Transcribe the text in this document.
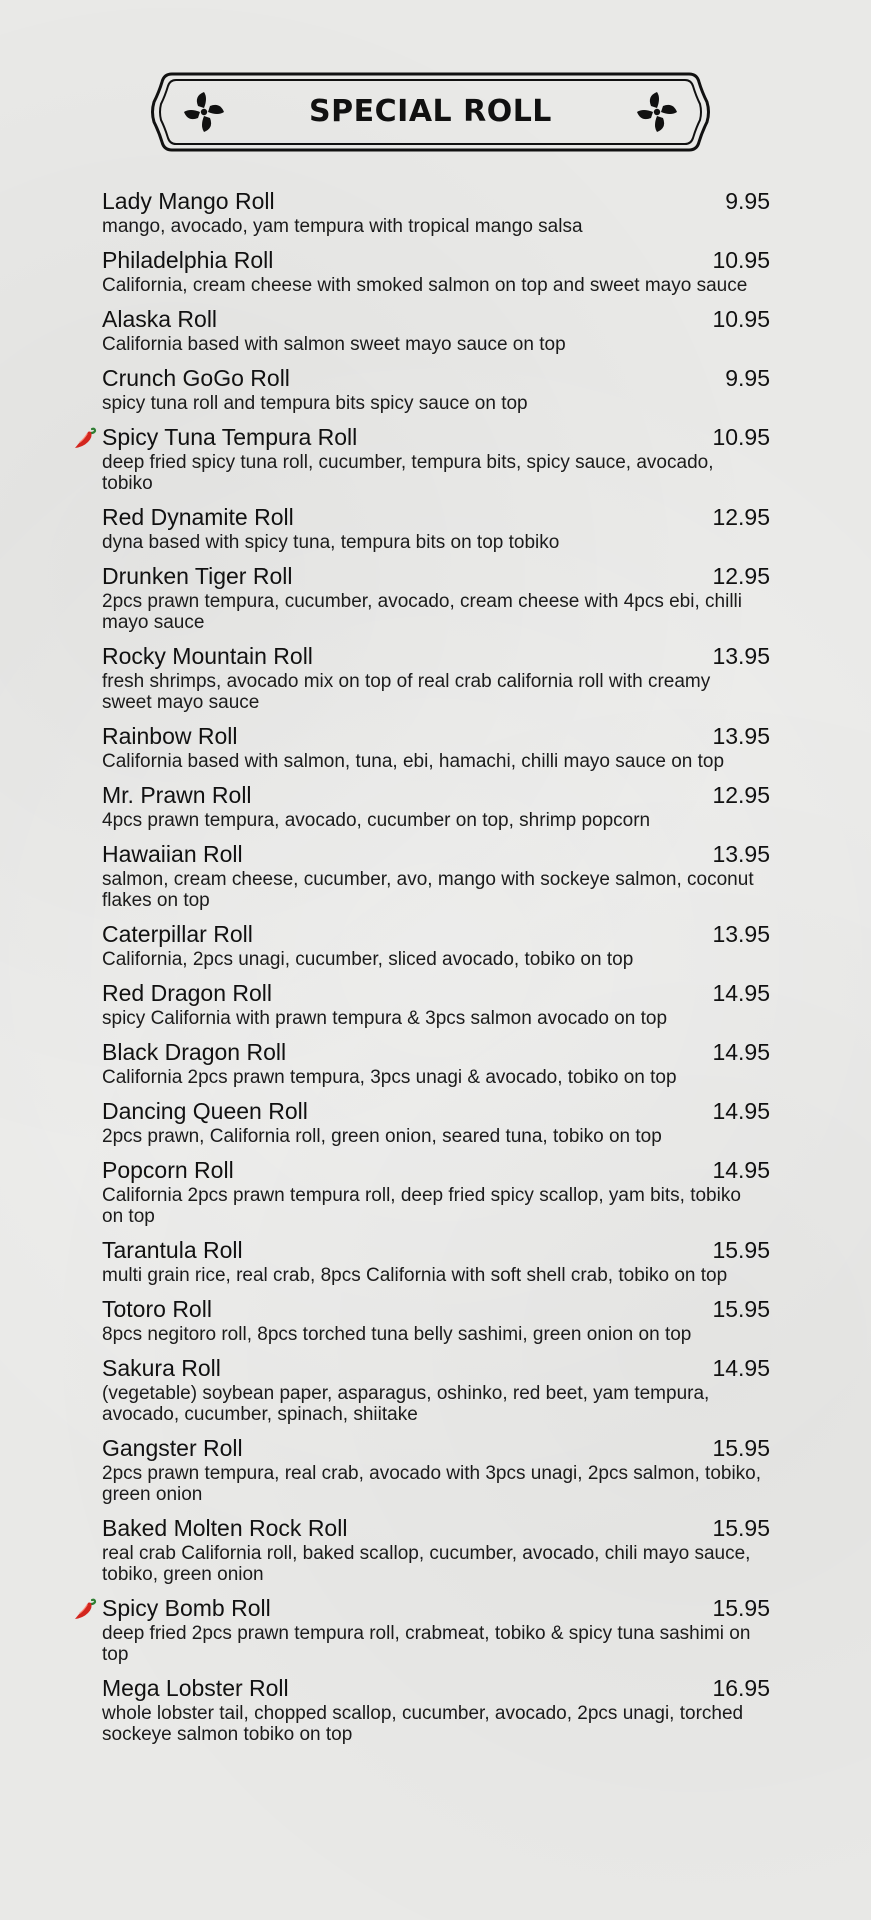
SPECIAL ROLL
Lady Mango Roll	9.95
mango, avocado, yam tempura with tropical mango salsa
Philadelphia Roll	10.95
California, cream cheese with smoked salmon on top and sweet mayo sauce
Alaska Roll	10.95
California based with salmon sweet mayo sauce on top
Crunch GoGo Roll	9.95
spicy tuna roll and tempura bits spicy sauce on top
Spicy Tuna Tempura Roll	10.95
deep fried spicy tuna roll, cucumber, tempura bits, spicy sauce, avocado, tobiko
Red Dynamite Roll	12.95
dyna based with spicy tuna, tempura bits on top tobiko
Drunken Tiger Roll	12.95
2pcs prawn tempura, cucumber, avocado, cream cheese with 4pcs ebi, chilli mayo sauce
Rocky Mountain Roll	13.95
fresh shrimps, avocado mix on top of real crab california roll with creamy sweet mayo sauce
Rainbow Roll	13.95
California based with salmon, tuna, ebi, hamachi, chilli mayo sauce on top
Mr. Prawn Roll	12.95
4pcs prawn tempura, avocado, cucumber on top, shrimp popcorn
Hawaiian Roll	13.95
salmon, cream cheese, cucumber, avo, mango with sockeye salmon, coconut flakes on top
Caterpillar Roll	13.95
California, 2pcs unagi, cucumber, sliced avocado, tobiko on top
Red Dragon Roll	14.95
spicy California with prawn tempura & 3pcs salmon avocado on top
Black Dragon Roll	14.95
California 2pcs prawn tempura, 3pcs unagi & avocado, tobiko on top
Dancing Queen Roll	14.95
2pcs prawn, California roll, green onion, seared tuna, tobiko on top
Popcorn Roll	14.95
California 2pcs prawn tempura roll, deep fried spicy scallop, yam bits, tobiko on top
Tarantula Roll	15.95
multi grain rice, real crab, 8pcs California with soft shell crab, tobiko on top
Totoro Roll	15.95
8pcs negitoro roll, 8pcs torched tuna belly sashimi, green onion on top
Sakura Roll	14.95
(vegetable) soybean paper, asparagus, oshinko, red beet, yam tempura, avocado, cucumber, spinach, shiitake
Gangster Roll	15.95
2pcs prawn tempura, real crab, avocado with 3pcs unagi, 2pcs salmon, tobiko, green onion
Baked Molten Rock Roll	15.95
real crab California roll, baked scallop, cucumber, avocado, chili mayo sauce, tobiko, green onion
Spicy Bomb Roll	15.95
deep fried 2pcs prawn tempura roll, crabmeat, tobiko & spicy tuna sashimi on top
Mega Lobster Roll	16.95
whole lobster tail, chopped scallop, cucumber, avocado, 2pcs unagi, torched sockeye salmon tobiko on top
